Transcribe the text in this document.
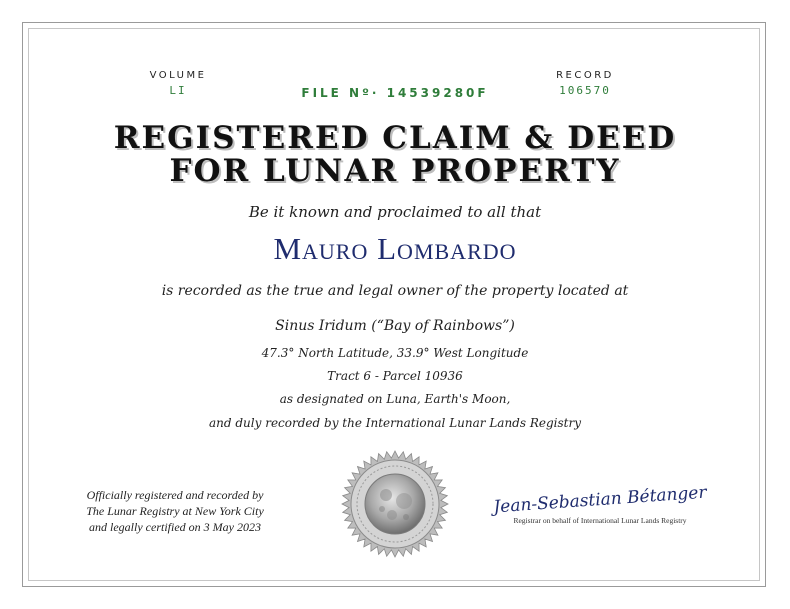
VOLUME
LI	FILE Nº· 14539280F
RECORD
106570
REGISTERED CLAIM & DEED
FOR LUNAR PROPERTY
Be it known and proclaimed to all that
Mauro Lombardo
is recorded as the true and legal owner of the property located at
Sinus Iridum (“Bay of Rainbows”)
47.3° North Latitude, 33.9° West Longitude
Tract 6 - Parcel 10936
as designated on Luna, Earth's Moon,
and duly recorded by the International Lunar Lands Registry
Officially registered and recorded by
The Lunar Registry at New York City
and legally certified on 3 May 2023
Jean-Sebastian Bétanger
Registrar on behalf of International Lunar Lands Registry
